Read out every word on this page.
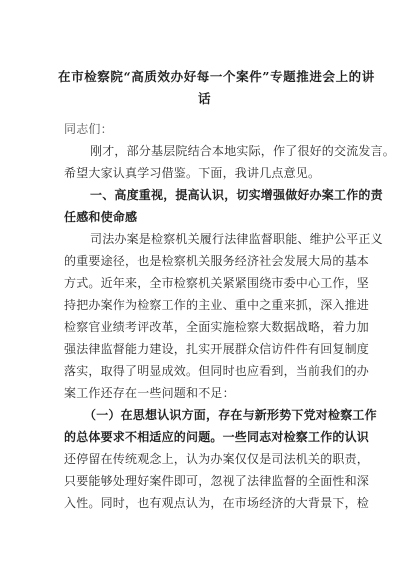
在市检察院“高质效办好每一个案件”专题推进会上的讲
话
同志们：
刚才，部分基层院结合本地实际，作了很好的交流发言。
希望大家认真学习借鉴。下面，我讲几点意见。
一、高度重视，提高认识，切实增强做好办案工作的责
任感和使命感
司法办案是检察机关履行法律监督职能、维护公平正义
的重要途径，也是检察机关服务经济社会发展大局的基本
方式。近年来，全市检察机关紧紧围绕市委中心工作，坚
持把办案作为检察工作的主业、重中之重来抓，深入推进
检察官业绩考评改革，全面实施检察大数据战略，着力加
强法律监督能力建设，扎实开展群众信访件件有回复制度
落实，取得了明显成效。但同时也应看到，当前我们的办
案工作还存在一些问题和不足：
（一）在思想认识方面，存在与新形势下党对检察工作
的总体要求不相适应的问题。一些同志对检察工作的认识
还停留在传统观念上，认为办案仅仅是司法机关的职责，
只要能够处理好案件即可，忽视了法律监督的全面性和深
入性。同时，也有观点认为，在市场经济的大背景下，检
